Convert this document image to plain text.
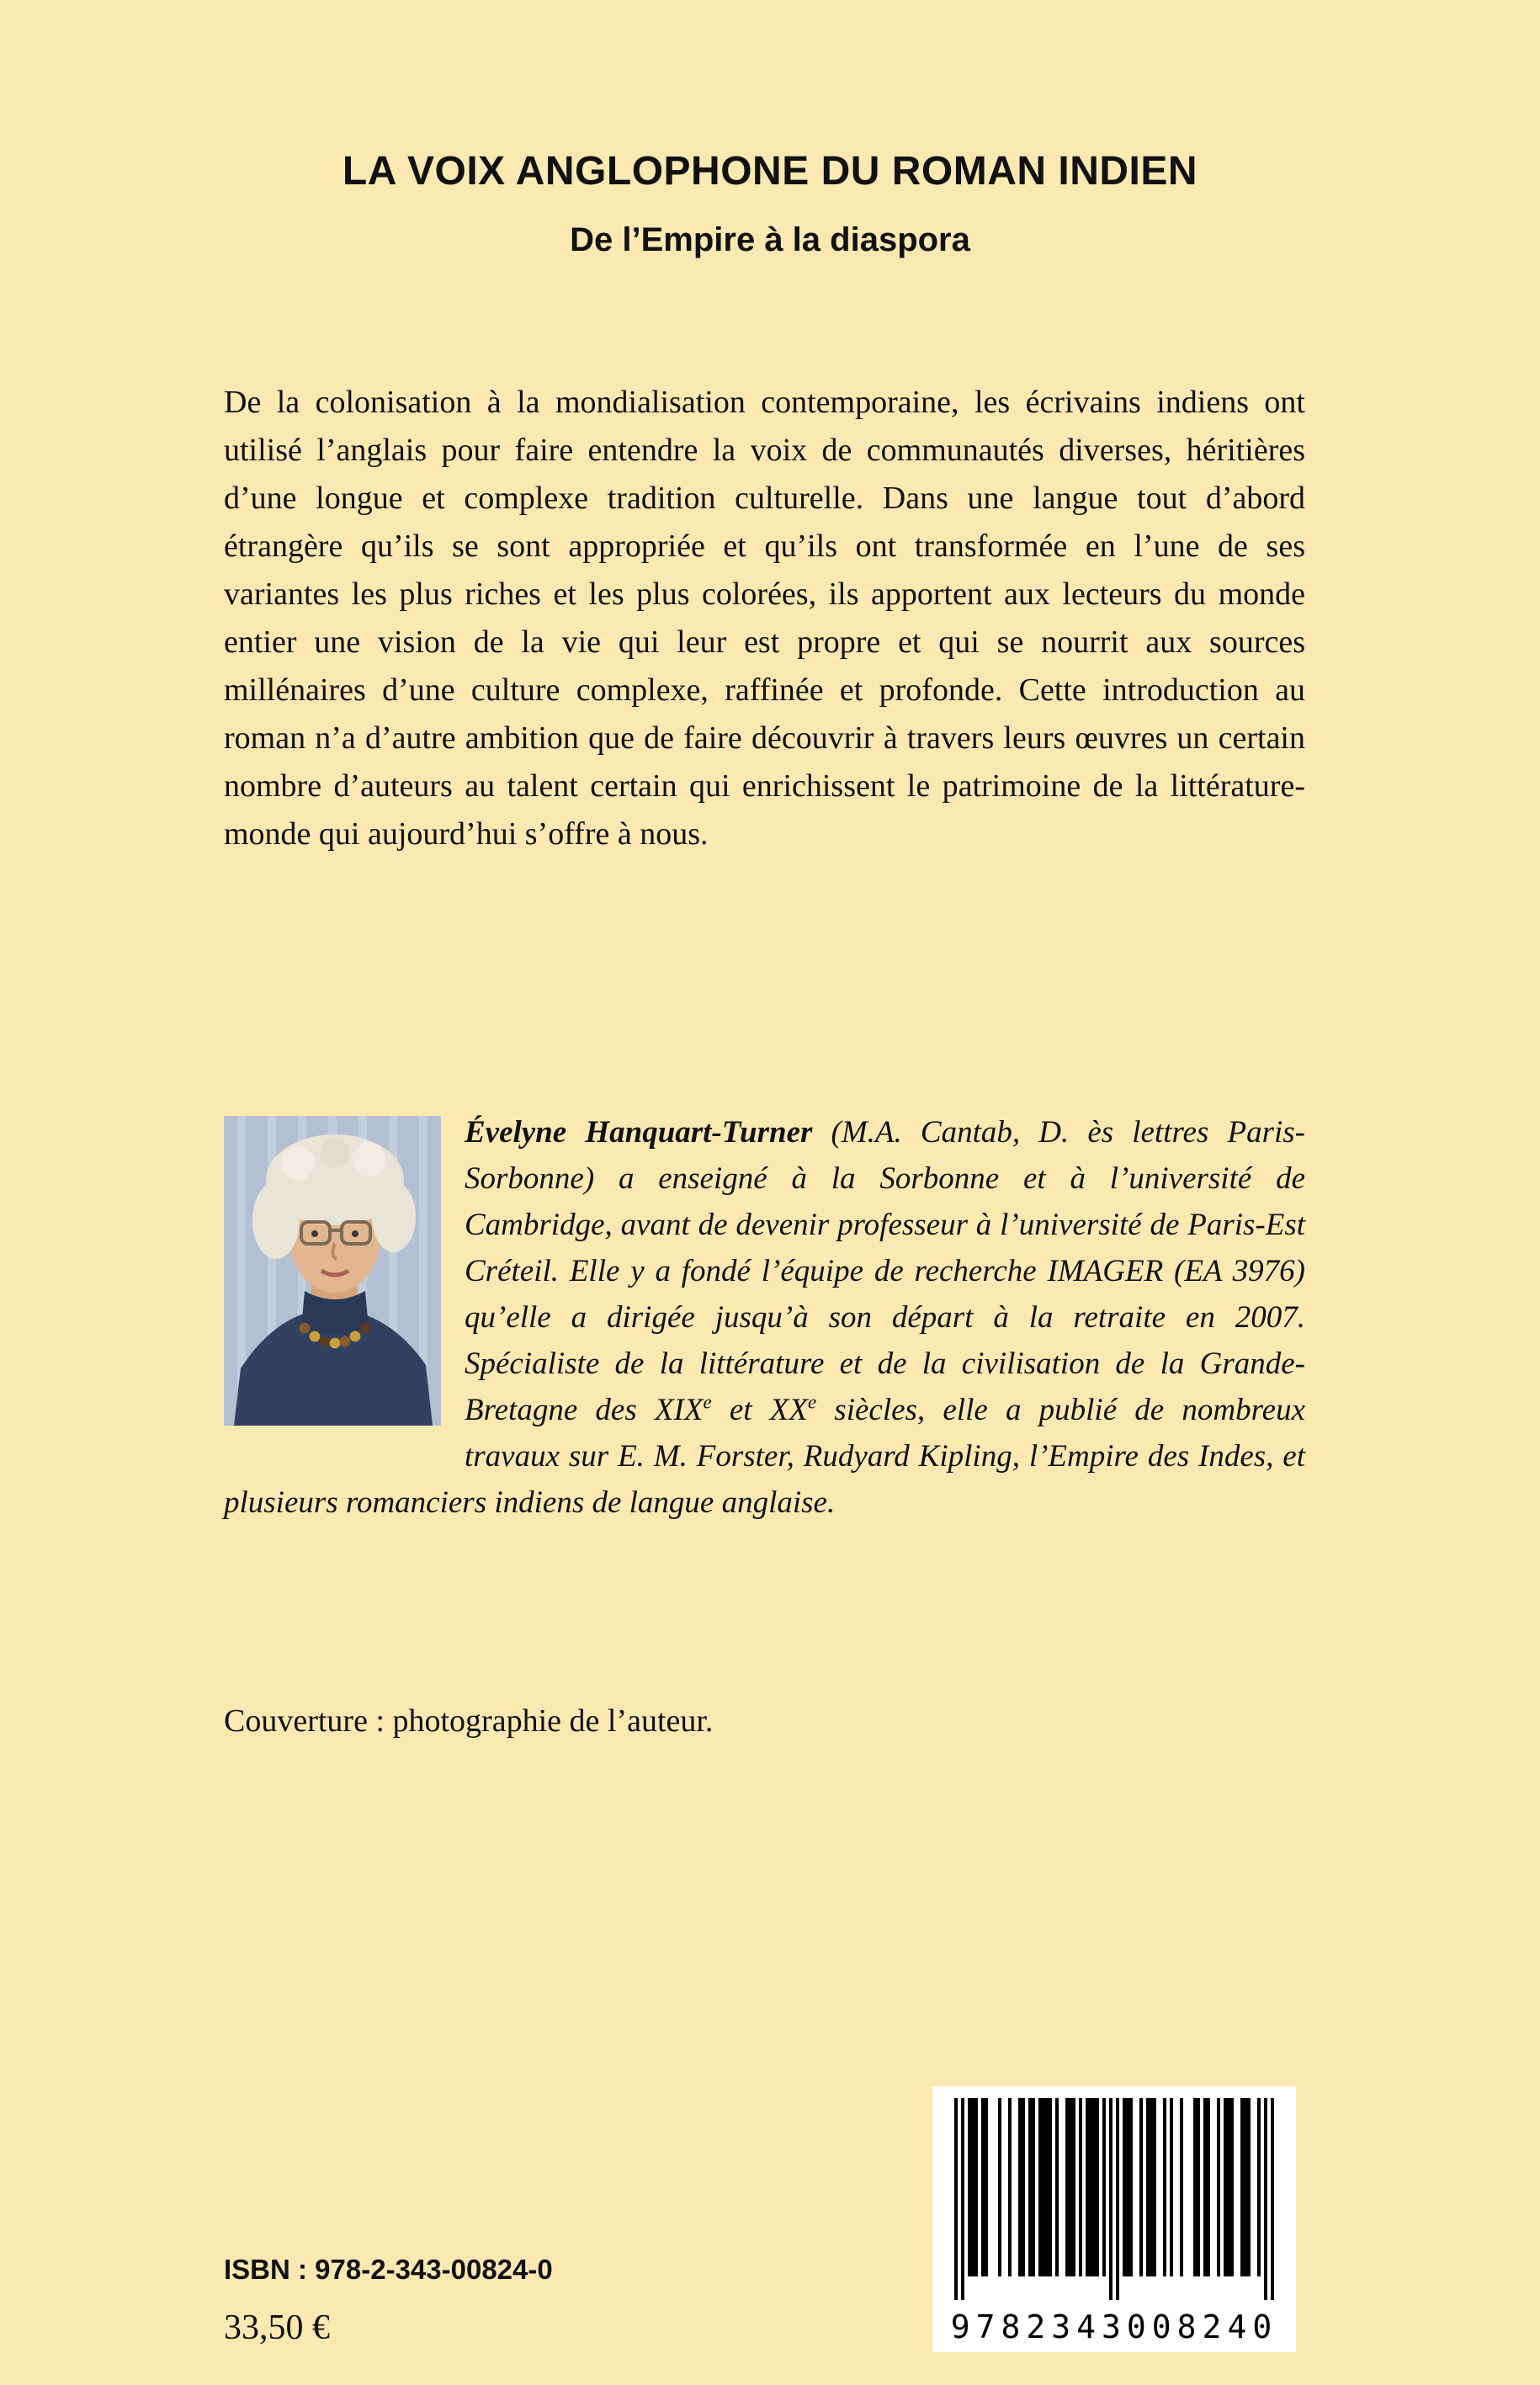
LA VOIX ANGLOPHONE DU ROMAN INDIEN
De l’Empire à la diaspora

De la colonisation à la mondialisation contemporaine, les écrivains indiens ont utilisé l’anglais pour faire entendre la voix de communautés diverses, héritières d’une longue et complexe tradition culturelle. Dans une langue tout d’abord étrangère qu’ils se sont appropriée et qu’ils ont transformée en l’une de ses variantes les plus riches et les plus colorées, ils apportent aux lecteurs du monde entier une vision de la vie qui leur est propre et qui se nourrit aux sources millénaires d’une culture complexe, raffinée et profonde. Cette introduction au roman n’a d’autre ambition que de faire découvrir à travers leurs œuvres un certain nombre d’auteurs au talent certain qui enrichissent le patrimoine de la littérature-monde qui aujourd’hui s’offre à nous.

Évelyne Hanquart-Turner (M.A. Cantab, D. ès lettres Paris-Sorbonne) a enseigné à la Sorbonne et à l’université de Cambridge, avant de devenir professeur à l’université de Paris-Est Créteil. Elle y a fondé l’équipe de recherche IMAGER (EA 3976) qu’elle a dirigée jusqu’à son départ à la retraite en 2007. Spécialiste de la littérature et de la civilisation de la Grande-Bretagne des XIXe et XXe siècles, elle a publié de nombreux travaux sur E. M. Forster, Rudyard Kipling, l’Empire des Indes, et plusieurs romanciers indiens de langue anglaise.
Couverture : photographie de l’auteur.
ISBN : 978-2-343-00824-0
33,50 €	9782343008240
